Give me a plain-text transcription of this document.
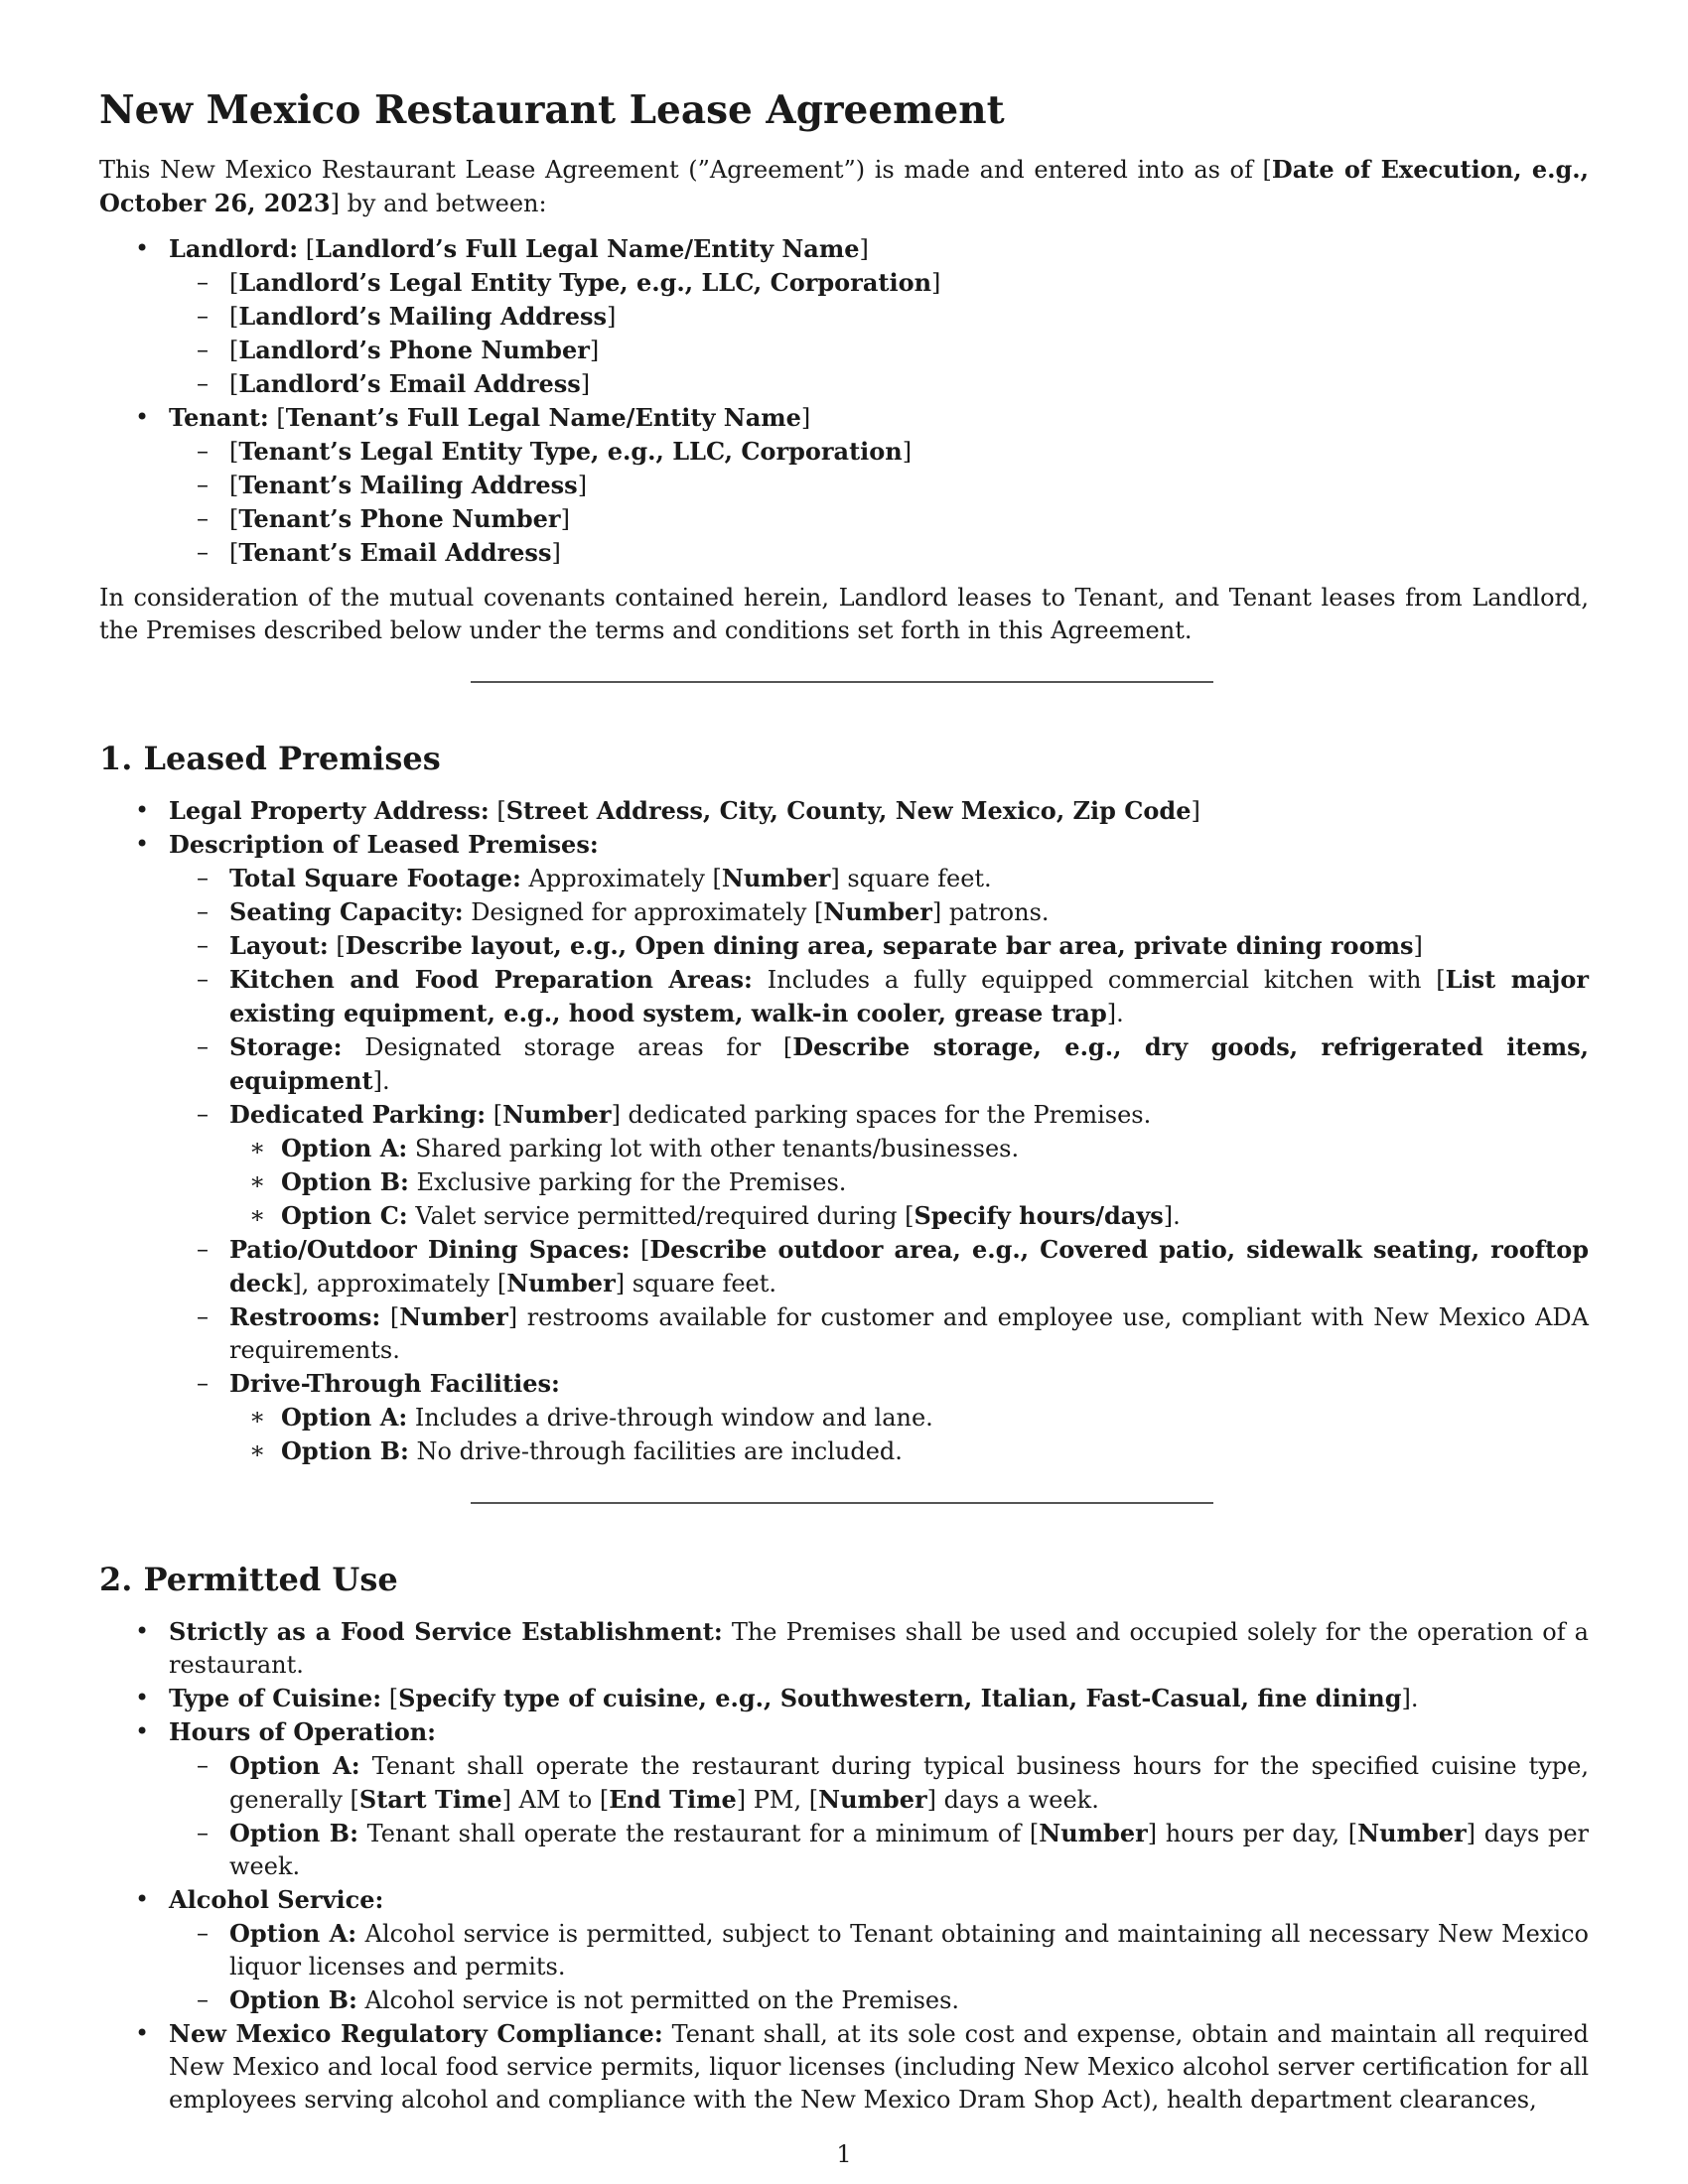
New Mexico Restaurant Lease Agreement

This New Mexico Restaurant Lease Agreement (”Agreement”) is made and entered into as of [Date of Execution, e.g., October 26, 2023] by and between:

• Landlord: [Landlord’s Full Legal Name/Entity Name]
– [Landlord’s Legal Entity Type, e.g., LLC, Corporation]
– [Landlord’s Mailing Address]
– [Landlord’s Phone Number]
– [Landlord’s Email Address]
• Tenant: [Tenant’s Full Legal Name/Entity Name]
– [Tenant’s Legal Entity Type, e.g., LLC, Corporation]
– [Tenant’s Mailing Address]
– [Tenant’s Phone Number]
– [Tenant’s Email Address]

In consideration of the mutual covenants contained herein, Landlord leases to Tenant, and Tenant leases from Landlord, the Premises described below under the terms and conditions set forth in this Agreement.

1. Leased Premises
• Legal Property Address: [Street Address, City, County, New Mexico, Zip Code]
• Description of Leased Premises:
– Total Square Footage: Approximately [Number] square feet.
– Seating Capacity: Designed for approximately [Number] patrons.
– Layout: [Describe layout, e.g., Open dining area, separate bar area, private dining rooms]
– Kitchen and Food Preparation Areas: Includes a fully equipped commercial kitchen with [List major existing equipment, e.g., hood system, walk-in cooler, grease trap].
– Storage: Designated storage areas for [Describe storage, e.g., dry goods, refrigerated items, equipment].
– Dedicated Parking: [Number] dedicated parking spaces for the Premises.
∗ Option A: Shared parking lot with other tenants/businesses.
∗ Option B: Exclusive parking for the Premises.
∗ Option C: Valet service permitted/required during [Specify hours/days].
– Patio/Outdoor Dining Spaces: [Describe outdoor area, e.g., Covered patio, sidewalk seating, rooftop deck], approximately [Number] square feet.
– Restrooms: [Number] restrooms available for customer and employee use, compliant with New Mexico ADA requirements.
– Drive-Through Facilities:
∗ Option A: Includes a drive-through window and lane.
∗ Option B: No drive-through facilities are included.
2. Permitted Use
• Strictly as a Food Service Establishment: The Premises shall be used and occupied solely for the operation of a restaurant.
• Type of Cuisine: [Specify type of cuisine, e.g., Southwestern, Italian, Fast-Casual, fine dining].
• Hours of Operation:
– Option A: Tenant shall operate the restaurant during typical business hours for the specified cuisine type, generally [Start Time] AM to [End Time] PM, [Number] days a week.
– Option B: Tenant shall operate the restaurant for a minimum of [Number] hours per day, [Number] days per week.
• Alcohol Service:
– Option A: Alcohol service is permitted, subject to Tenant obtaining and maintaining all necessary New Mexico liquor licenses and permits.
– Option B: Alcohol service is not permitted on the Premises.
• New Mexico Regulatory Compliance: Tenant shall, at its sole cost and expense, obtain and maintain all required New Mexico and local food service permits, liquor licenses (including New Mexico alcohol server certification for all employees serving alcohol and compliance with the New Mexico Dram Shop Act), health department clearances,
1
